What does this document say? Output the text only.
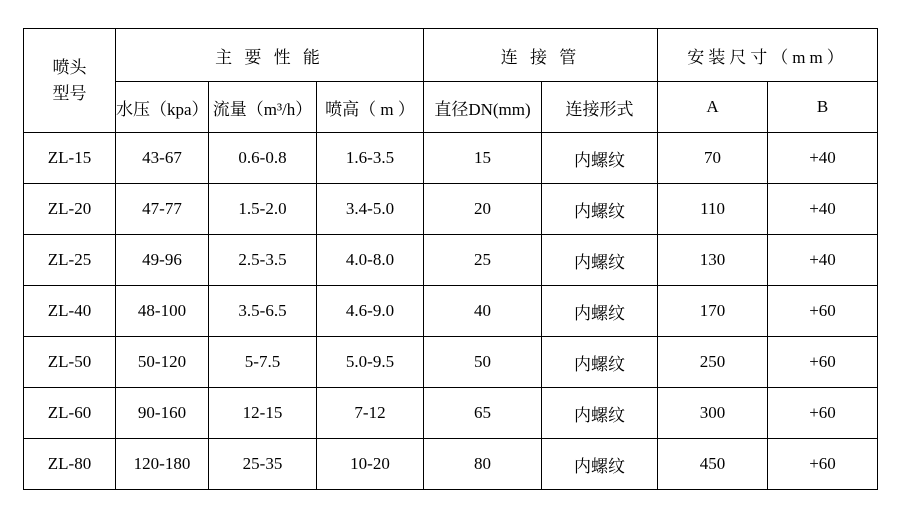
喷头
型号	主 要 性 能			连 接 管		安装尺寸（mm）	
	水压（kpa）	流量（m³/h）	喷高（ m ）	直径DN(mm)	连接形式	A	B
ZL-15	43-67	0.6-0.8	1.6-3.5	15	内螺纹	70	+40
ZL-20	47-77	1.5-2.0	3.4-5.0	20	内螺纹	110	+40
ZL-25	49-96	2.5-3.5	4.0-8.0	25	内螺纹	130	+40
ZL-40	48-100	3.5-6.5	4.6-9.0	40	内螺纹	170	+60
ZL-50	50-120	5-7.5	5.0-9.5	50	内螺纹	250	+60
ZL-60	90-160	12-15	7-12	65	内螺纹	300	+60
ZL-80	120-180	25-35	10-20	80	内螺纹	450	+60
